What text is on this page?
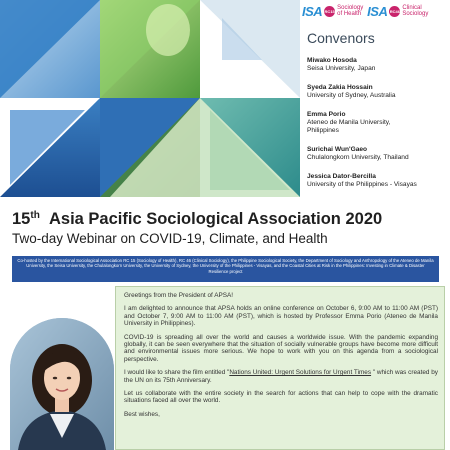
ISA RC15 Sociology of Health ISA RC46 Clinical Sociology
Convenors
Miwako Hosoda
Seisa University, Japan
Syeda Zakia Hossain
University of Sydney, Australia
Emma Porio
Ateneo de Manila University, Philippines
Surichai Wun'Gaeo
Chulalongkorn University, Thailand
Jessica Dator-Bercilla
University of the Philippines - Visayas
15th Asia Pacific Sociological Association 2020
Two-day Webinar on COVID-19, Climate, and Health
Co-hosted by the International Sociological Association RC 15 (Sociology of Health), RC 46 (Clinical Sociology), the Philippine Sociological Society, the Department of Sociology and Anthropology of the Ateneo de Manila University, the Seisa University, the Chulalongkorn University, the University of Sydney, the University of the Philippines - Visayas, and the Coastal Cities at Risk in the Philippines: Investing in Climate & Disaster Resilience project

Greetings from the President of APSA!

I am delighted to announce that APSA holds an online conference on October 6, 9:00 AM to 11:00 AM (PST) and October 7, 9:00 AM to 11:00 AM (PST), which is hosted by Professor Emma Porio (Ateneo de Manila University in Philippines).

COVID-19 is spreading all over the world and causes a worldwide issue. With the pandemic expanding globally, it can be seen everywhere that the situation of socially vulnerable groups have become more difficult and environmental issues more serious. We hope to work with you on this agenda from a sociological perspective.

I would like to share the film entitled "Nations United: Urgent Solutions for Urgent Times " which was created by the UN on its 75th Anniversary.

Let us collaborate with the entire society in the search for actions that can help to cope with the dramatic situations faced all over the world.

Best wishes,
